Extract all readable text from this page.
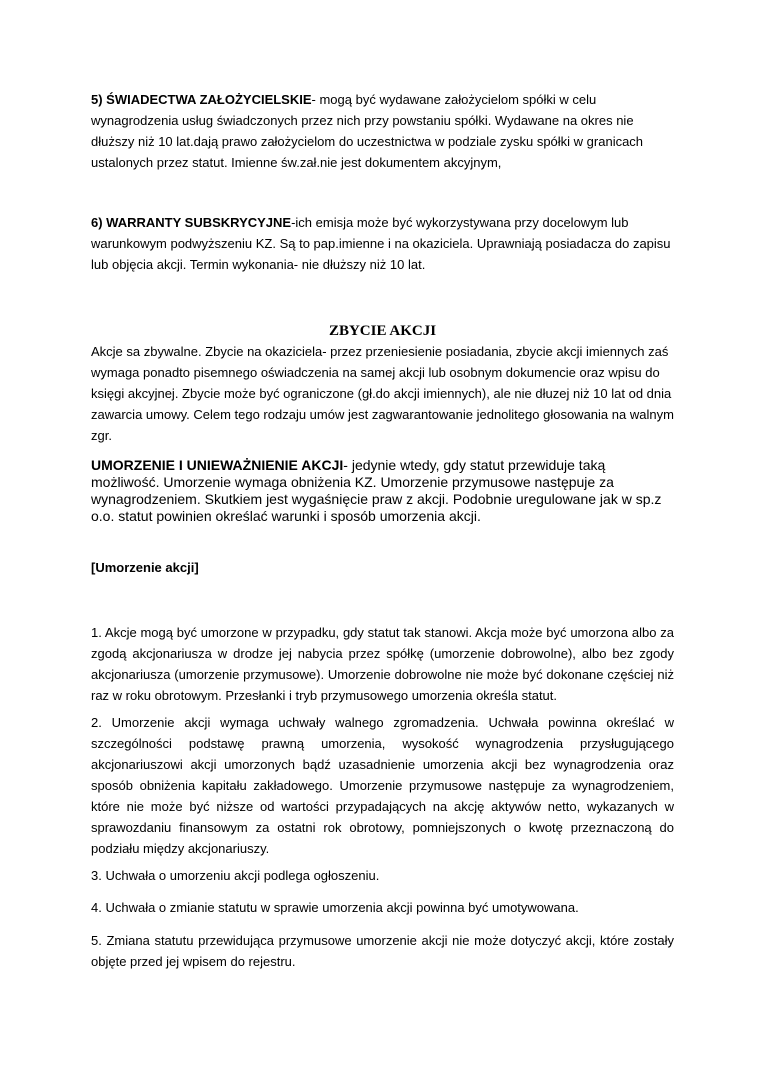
5) ŚWIADECTWA ZAŁOŻYCIELSKIE- mogą być wydawane założycielom spółki w celu wynagrodzenia usług świadczonych przez nich przy powstaniu spółki. Wydawane na okres nie dłuższy niż 10 lat.dają prawo założycielom do uczestnictwa w podziale zysku spółki w granicach ustalonych przez statut. Imienne św.zał.nie jest dokumentem akcyjnym,

6) WARRANTY SUBSKRYCYJNE-ich emisja może być wykorzystywana przy docelowym lub warunkowym podwyższeniu KZ. Są to pap.imienne i na okaziciela. Uprawniają posiadacza do zapisu lub objęcia akcji. Termin wykonania- nie dłuższy niż 10 lat.

ZBYCIE AKCJI

Akcje sa zbywalne. Zbycie na okaziciela- przez przeniesienie posiadania, zbycie akcji imiennych zaś wymaga ponadto pisemnego oświadczenia na samej akcji lub osobnym dokumencie oraz wpisu do księgi akcyjnej. Zbycie może być ograniczone (gł.do akcji imiennych), ale nie dłuzej niż 10 lat od dnia zawarcia umowy. Celem tego rodzaju umów jest zagwarantowanie jednolitego głosowania na walnym zgr.

UMORZENIE I UNIEWAŻNIENIE AKCJI- jedynie wtedy, gdy statut przewiduje taką możliwość. Umorzenie wymaga obniżenia KZ. Umorzenie przymusowe następuje za wynagrodzeniem. Skutkiem jest wygaśnięcie praw z akcji. Podobnie uregulowane jak w sp.z o.o. statut powinien określać warunki i sposób umorzenia akcji.

[Umorzenie akcji]

1. Akcje mogą być umorzone w przypadku, gdy statut tak stanowi. Akcja może być umorzona albo za zgodą akcjonariusza w drodze jej nabycia przez spółkę (umorzenie dobrowolne), albo bez zgody akcjonariusza (umorzenie przymusowe). Umorzenie dobrowolne nie może być dokonane częściej niż raz w roku obrotowym. Przesłanki i tryb przymusowego umorzenia określa statut.

2. Umorzenie akcji wymaga uchwały walnego zgromadzenia. Uchwała powinna określać w szczególności podstawę prawną umorzenia, wysokość wynagrodzenia przysługującego akcjonariuszowi akcji umorzonych bądź uzasadnienie umorzenia akcji bez wynagrodzenia oraz sposób obniżenia kapitału zakładowego. Umorzenie przymusowe następuje za wynagrodzeniem, które nie może być niższe od wartości przypadających na akcję aktywów netto, wykazanych w sprawozdaniu finansowym za ostatni rok obrotowy, pomniejszonych o kwotę przeznaczoną do podziału między akcjonariuszy.

3. Uchwała o umorzeniu akcji podlega ogłoszeniu.

4. Uchwała o zmianie statutu w sprawie umorzenia akcji powinna być umotywowana.

5. Zmiana statutu przewidująca przymusowe umorzenie akcji nie może dotyczyć akcji, które zostały objęte przed jej wpisem do rejestru.
